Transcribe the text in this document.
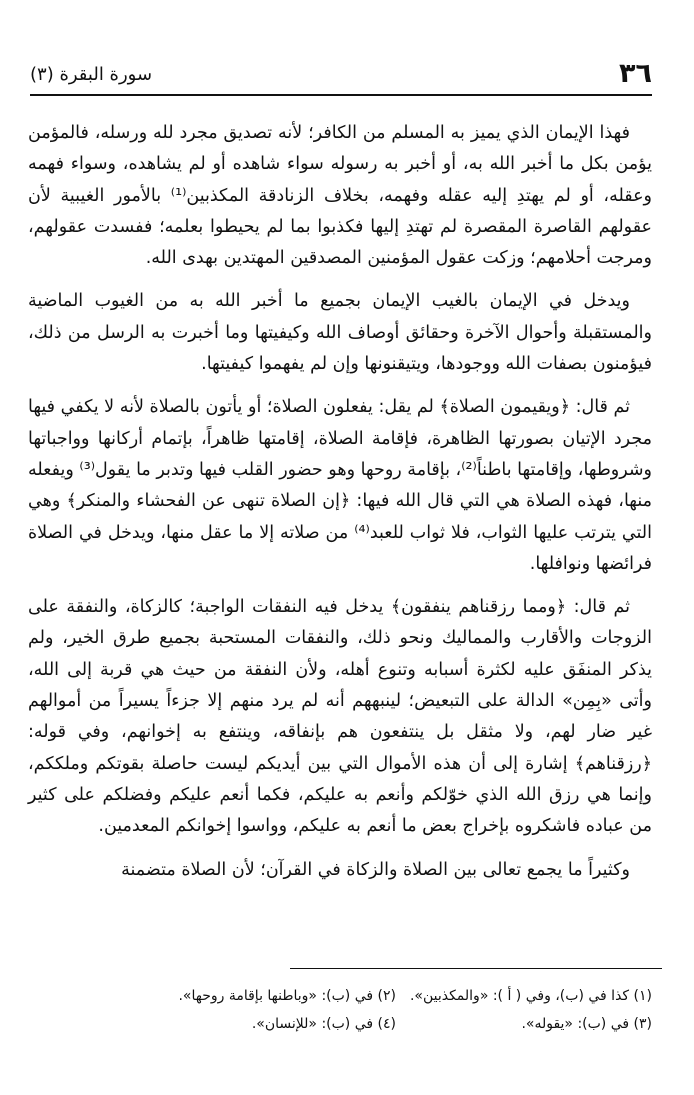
٣٦
سورة البقرة (٣)

فهذا الإيمان الذي يميز به المسلم من الكافر؛ لأنه تصديق مجرد لله ورسله، فالمؤمن يؤمن بكل ما أخبر الله به، أو أخبر به رسوله سواء شاهده أو لم يشاهده، وسواء فهمه وعقله، أو لم يهتدِ إليه عقله وفهمه، بخلاف الزنادقة المكذبين⁽¹⁾ بالأمور الغيبية لأن عقولهم القاصرة المقصرة لم تهتدِ إليها فكذبوا بما لم يحيطوا بعلمه؛ ففسدت عقولهم، ومرجت أحلامهم؛ وزكت عقول المؤمنين المصدقين المهتدين بهدى الله.

ويدخل في الإيمان بالغيب الإيمان بجميع ما أخبر الله به من الغيوب الماضية والمستقبلة وأحوال الآخرة وحقائق أوصاف الله وكيفيتها وما أخبرت به الرسل من ذلك، فيؤمنون بصفات الله ووجودها، ويتيقنونها وإن لم يفهموا كيفيتها.

ثم قال: ﴿ويقيمون الصلاة﴾ لم يقل: يفعلون الصلاة؛ أو يأتون بالصلاة لأنه لا يكفي فيها مجرد الإتيان بصورتها الظاهرة، فإقامة الصلاة، إقامتها ظاهراً، بإتمام أركانها وواجباتها وشروطها، وإقامتها باطناً⁽²⁾، بإقامة روحها وهو حضور القلب فيها وتدبر ما يقول⁽³⁾ ويفعله منها، فهذه الصلاة هي التي قال الله فيها: ﴿إن الصلاة تنهى عن الفحشاء والمنكر﴾ وهي التي يترتب عليها الثواب، فلا ثواب للعبد⁽⁴⁾ من صلاته إلا ما عقل منها، ويدخل في الصلاة فرائضها ونوافلها.

ثم قال: ﴿ومما رزقناهم ينفقون﴾ يدخل فيه النفقات الواجبة؛ كالزكاة، والنفقة على الزوجات والأقارب والمماليك ونحو ذلك، والنفقات المستحبة بجميع طرق الخير، ولم يذكر المنفَق عليه لكثرة أسبابه وتنوع أهله، ولأن النفقة من حيث هي قربة إلى الله، وأتى «بِمِن» الدالة على التبعيض؛ لينبههم أنه لم يرد منهم إلا جزءاً يسيراً من أموالهم غير ضار لهم، ولا مثقل بل ينتفعون هم بإنفاقه، وينتفع به إخوانهم، وفي قوله: ﴿رزقناهم﴾ إشارة إلى أن هذه الأموال التي بين أيديكم ليست حاصلة بقوتكم وملككم، وإنما هي رزق الله الذي خوّلكم وأنعم به عليكم، فكما أنعم عليكم وفضلكم على كثير من عباده فاشكروه بإخراج بعض ما أنعم به عليكم، وواسوا إخوانكم المعدمين.

وكثيراً ما يجمع تعالى بين الصلاة والزكاة في القرآن؛ لأن الصلاة متضمنة

(١) كذا في (ب)، وفي ( أ ): «والمكذبين».
(٢) في (ب): «وباطنها بإقامة روحها».
(٣) في (ب): «يقوله».
(٤) في (ب): «للإنسان».
